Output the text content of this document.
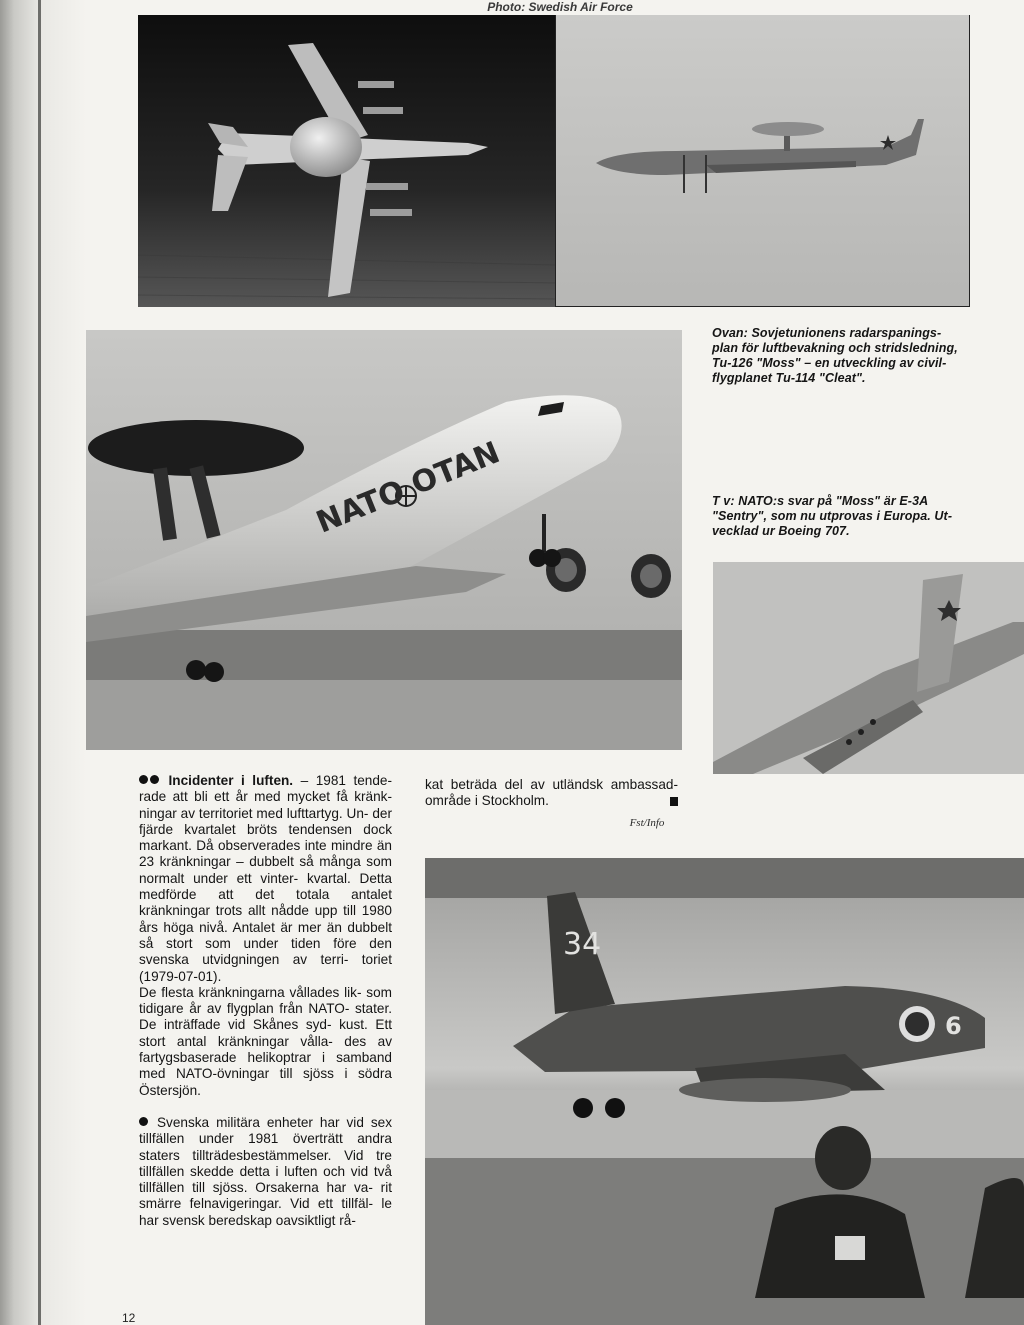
Photo: Swedish Air Force
NATO OTAN
Ovan: Sovjetunionens radarspanings- plan för luftbevakning och stridsledning, Tu-126 "Moss" – en utveckling av civil- flygplanet Tu-114 "Cleat".
T v: NATO:s svar på "Moss" är E-3A "Sentry", som nu utprovas i Europa. Ut- vecklad ur Boeing 707.
34
6

Incidenter i luften. – 1981 tende- rade att bli ett år med mycket få kränk- ningar av territoriet med lufttartyg. Un- der fjärde kvartalet bröts tendensen dock markant. Då observerades inte mindre än 23 kränkningar – dubbelt så många som normalt under ett vinter- kvartal. Detta medförde att det totala antalet kränkningar trots allt nådde upp till 1980 års höga nivå. Antalet är mer än dubbelt så stort som under tiden före den svenska utvidgningen av terri- toriet (1979-07-01).

De flesta kränkningarna vållades lik- som tidigare år av flygplan från NATO- stater. De inträffade vid Skånes syd- kust. Ett stort antal kränkningar vålla- des av fartygsbaserade helikoptrar i samband med NATO-övningar till sjöss i södra Östersjön.

Svenska militära enheter har vid sex tillfällen under 1981 överträtt andra staters tillträdesbestämmelser. Vid tre tillfällen skedde detta i luften och vid två tillfällen till sjöss. Orsakerna har va- rit smärre felnavigeringar. Vid ett tillfäl- le har svensk beredskap oavsiktligt rå-

kat beträda del av utländsk ambassad- område i Stockholm.

Fst/Info
12
